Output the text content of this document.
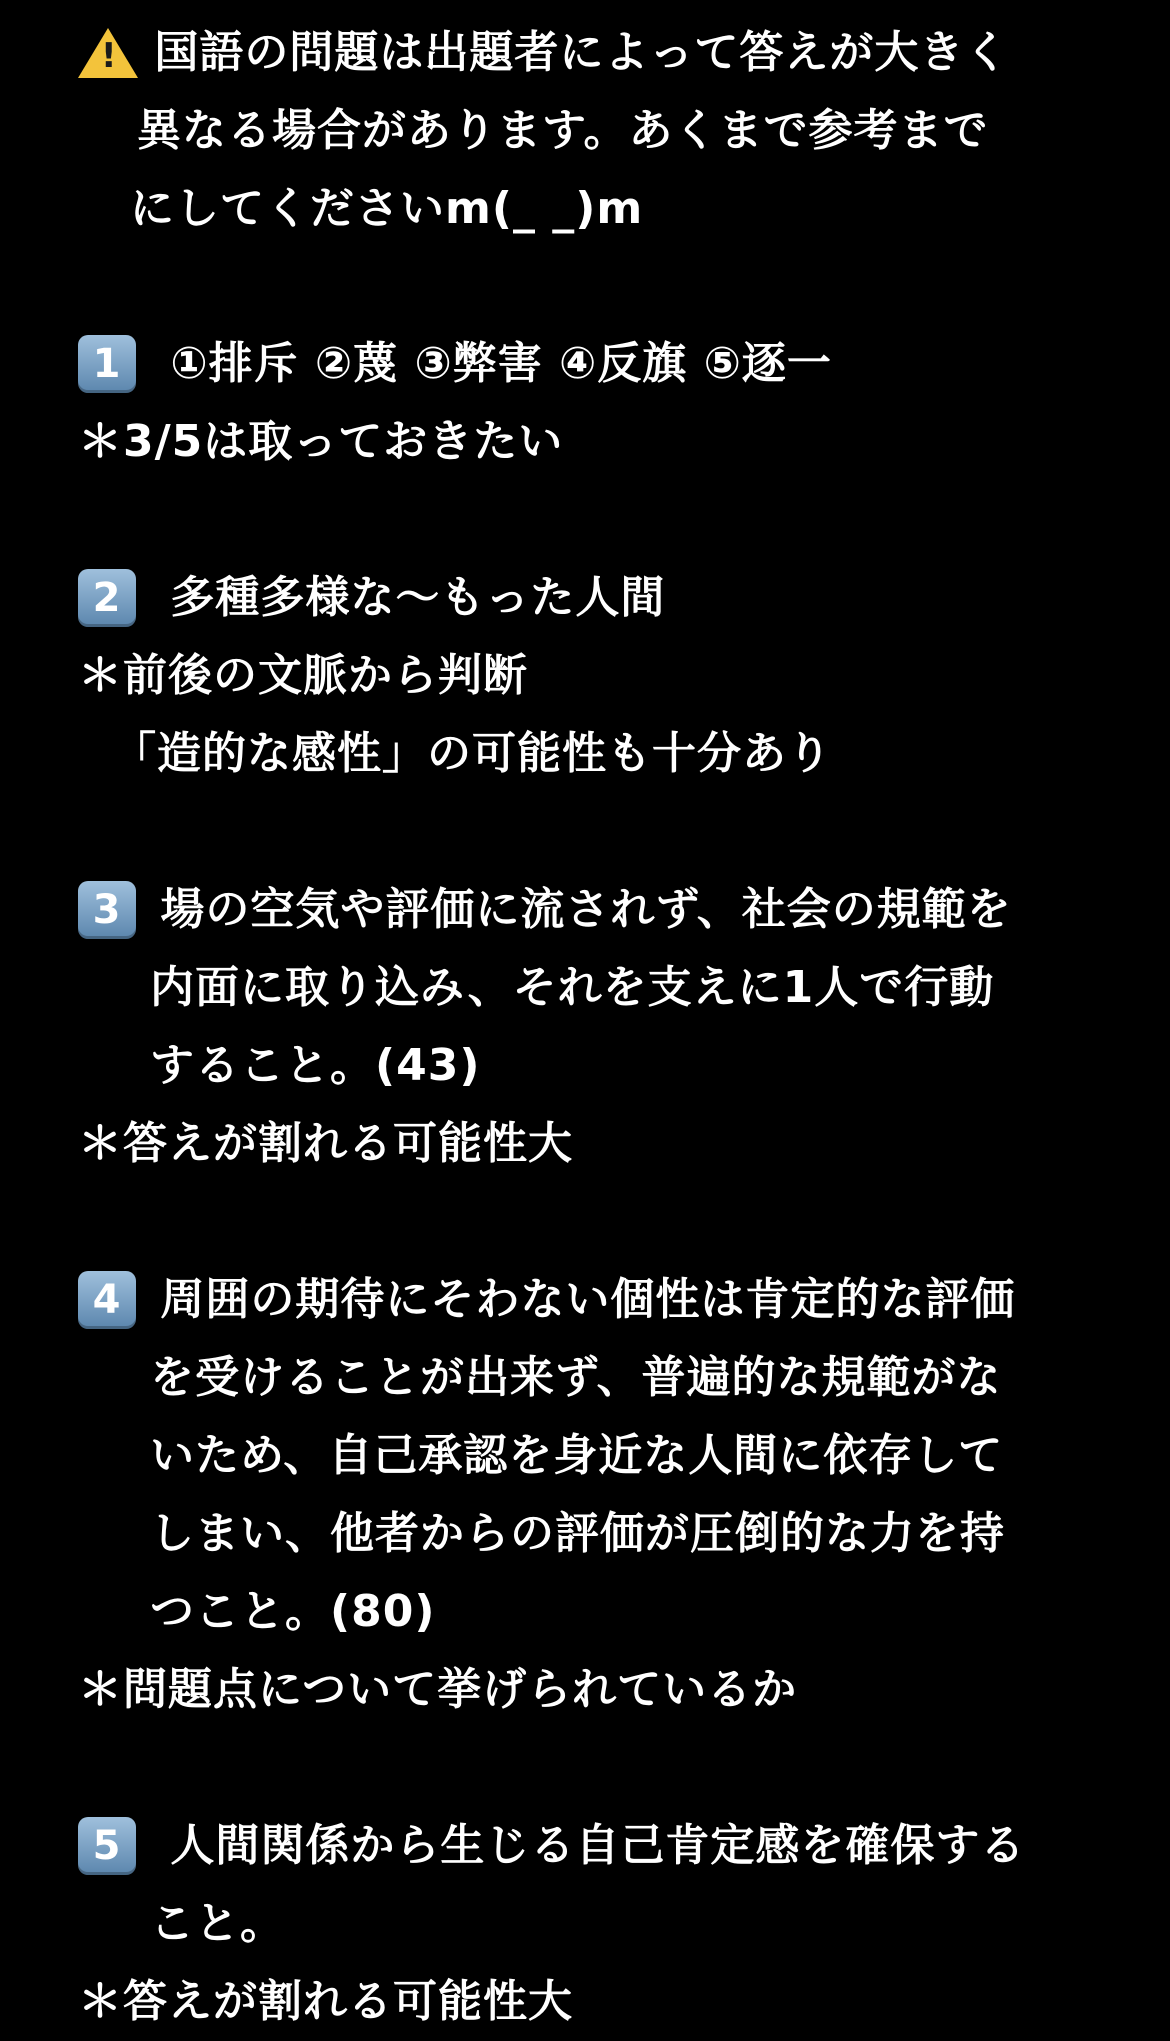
! 国語の問題は出題者によって答えが大きく
異なる場合があります。あくまで参考まで
にしてくださいm(_ _)m
1 ①排斥 ②蔑 ③弊害 ④反旗 ⑤逐一
＊3/5は取っておきたい
2 多種多様な〜もった人間
＊前後の文脈から判断
「造的な感性」の可能性も十分あり
3 場の空気や評価に流されず、社会の規範を
内面に取り込み、それを支えに1人で行動
すること。(43)
＊答えが割れる可能性大
4 周囲の期待にそわない個性は肯定的な評価
を受けることが出来ず、普遍的な規範がな
いため、自己承認を身近な人間に依存して
しまい、他者からの評価が圧倒的な力を持
つこと。(80)
＊問題点について挙げられているか
5 人間関係から生じる自己肯定感を確保する
こと。
＊答えが割れる可能性大
